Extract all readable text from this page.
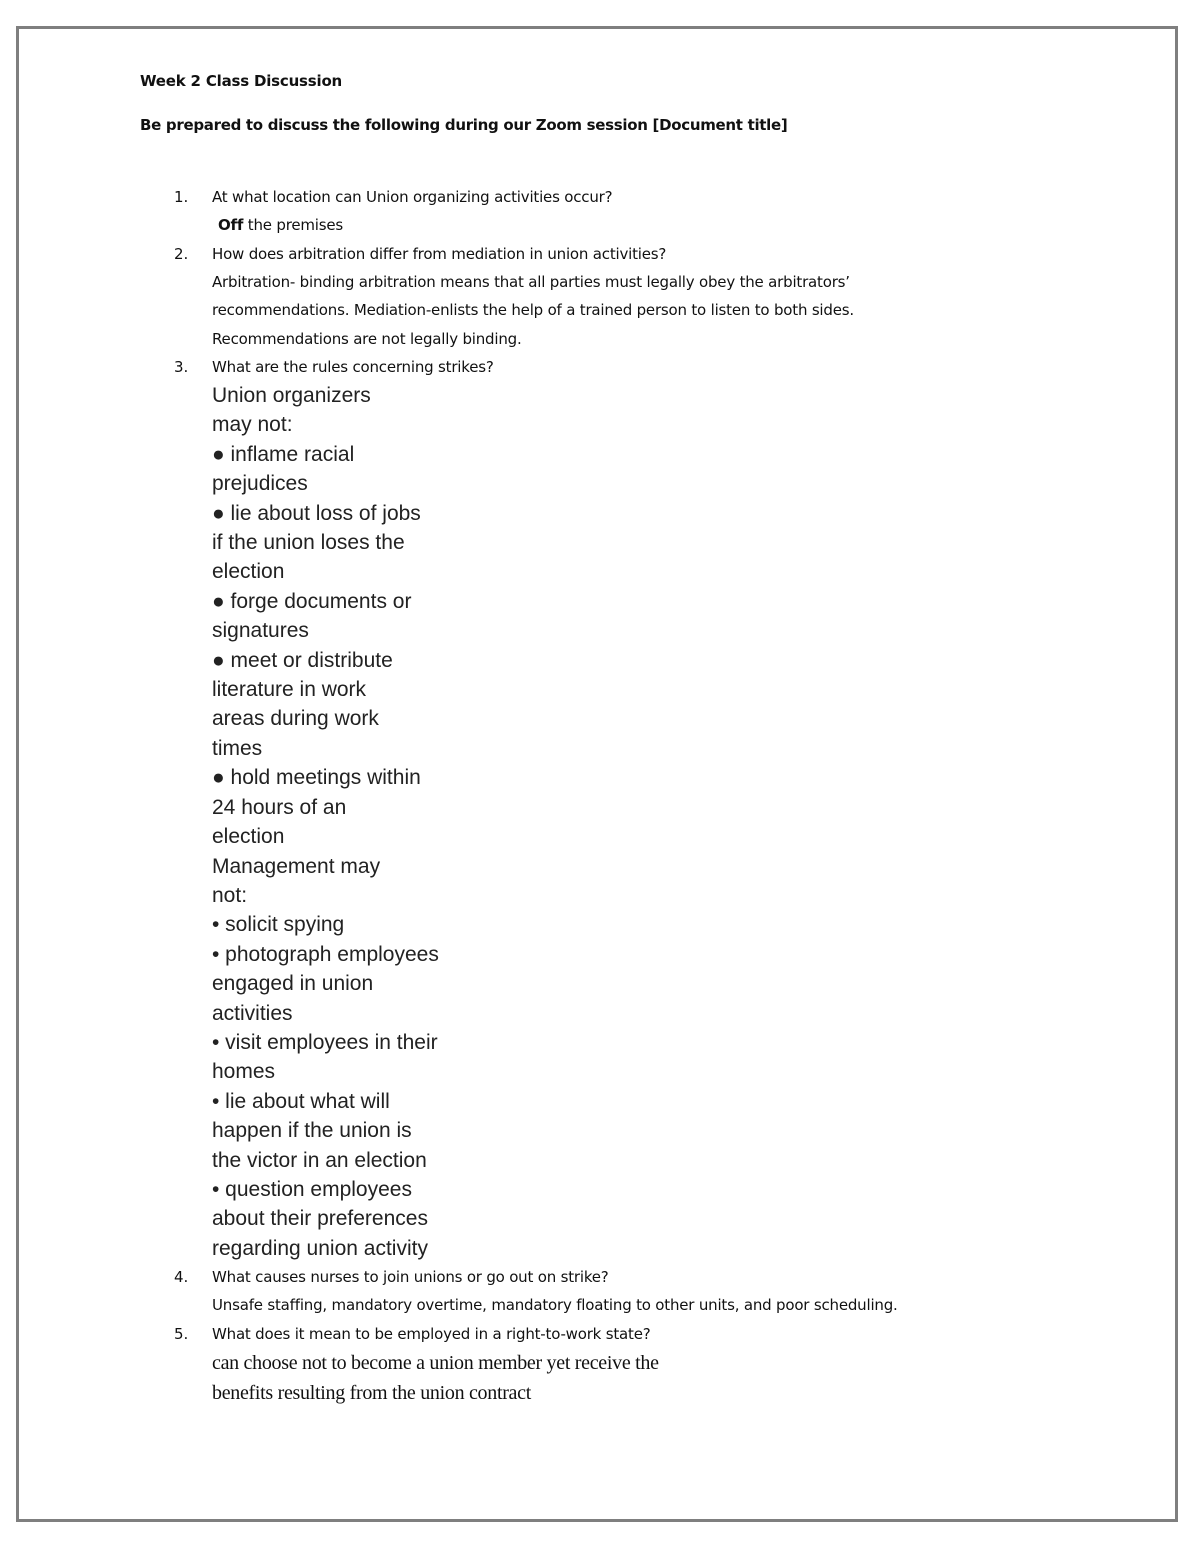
Week 2 Class Discussion
Be prepared to discuss the following during our Zoom session [Document title]
1. At what location can Union organizing activities occur?
Off the premises
2. How does arbitration differ from mediation in union activities?
Arbitration- binding arbitration means that all parties must legally obey the arbitrators’
recommendations. Mediation-enlists the help of a trained person to listen to both sides.
Recommendations are not legally binding.
3. What are the rules concerning strikes?
Union organizers
may not:
● inflame racial
prejudices
● lie about loss of jobs
if the union loses the
election
● forge documents or
signatures
● meet or distribute
literature in work
areas during work
times
● hold meetings within
24 hours of an
election
Management may
not:
• solicit spying
• photograph employees
engaged in union
activities
• visit employees in their
homes
• lie about what will
happen if the union is
the victor in an election
• question employees
about their preferences
regarding union activity
4. What causes nurses to join unions or go out on strike?
Unsafe staffing, mandatory overtime, mandatory floating to other units, and poor scheduling.
5. What does it mean to be employed in a right-to-work state?
can choose not to become a union member yet receive the
benefits resulting from the union contract
